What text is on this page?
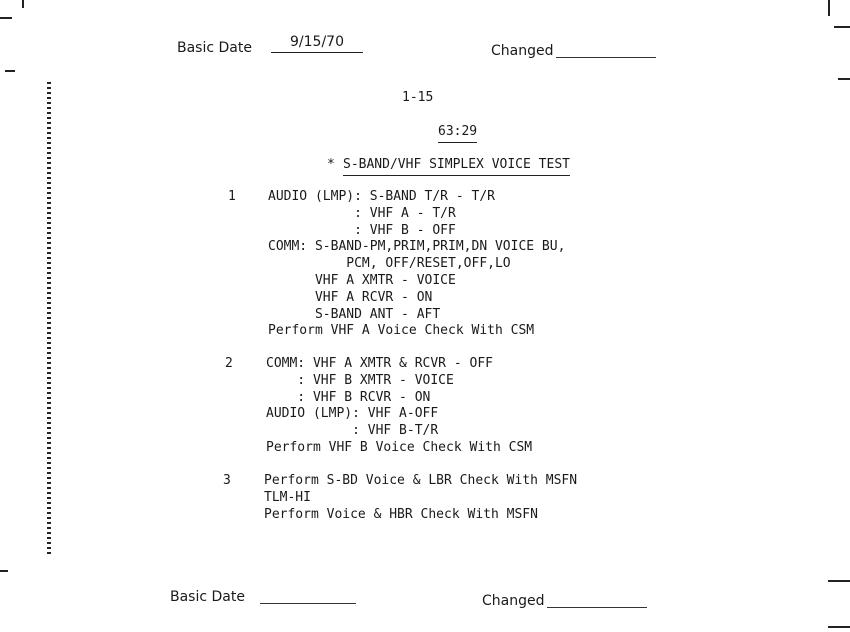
Basic Date	9/15/70
Changed
1-15
63:29
* S-BAND/VHF SIMPLEX VOICE TEST
1 AUDIO (LMP): S-BAND T/R - T/R
: VHF A - T/R
: VHF B - OFF
COMM: S-BAND-PM,PRIM,PRIM,DN VOICE BU,
PCM, OFF/RESET,OFF,LO
VHF A XMTR - VOICE
VHF A RCVR - ON
S-BAND ANT - AFT
Perform VHF A Voice Check With CSM
2	COMM: VHF A XMTR & RCVR - OFF
: VHF B XMTR - VOICE
: VHF B RCVR - ON
AUDIO (LMP): VHF A-OFF
: VHF B-T/R
Perform VHF B Voice Check With CSM
3	Perform S-BD Voice & LBR Check With MSFN
TLM-HI
Perform Voice & HBR Check With MSFN
Basic Date	Changed
